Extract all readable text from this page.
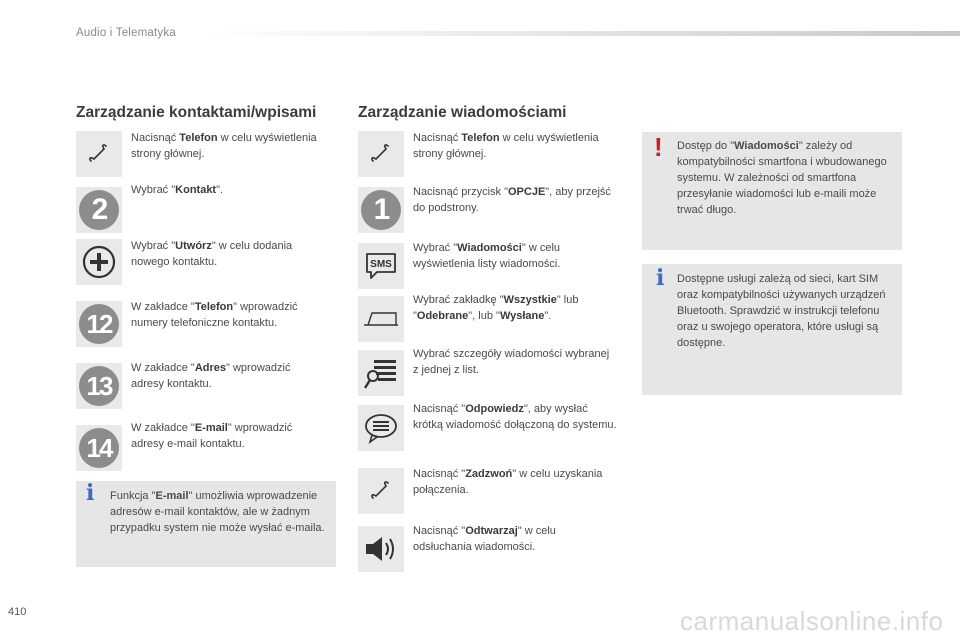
Audio i Telematyka
Zarządzanie kontaktami/wpisami
Nacisnąć Telefon w celu wyświetlenia strony głównej.
2
Wybrać "Kontakt".
Wybrać "Utwórz" w celu dodania nowego kontaktu.
12
W zakładce "Telefon" wprowadzić numery telefoniczne kontaktu.
13
W zakładce "Adres" wprowadzić adresy kontaktu.
14
W zakładce "E-mail" wprowadzić adresy e-mail kontaktu.
i Funkcja "E-mail" umożliwia wprowadzenie adresów e-mail kontaktów, ale w żadnym przypadku system nie może wysłać e-maila.
Zarządzanie wiadomościami
Nacisnąć Telefon w celu wyświetlenia strony głównej.
1
Nacisnąć przycisk "OPCJE", aby przejść do podstrony.
SMS
Wybrać "Wiadomości" w celu wyświetlenia listy wiadomości.
Wybrać zakładkę "Wszystkie" lub
"Odebrane", lub "Wysłane".
Wybrać szczegóły wiadomości wybranej z jednej z list.
Nacisnąć "Odpowiedz", aby wysłać krótką wiadomość dołączoną do systemu.
Nacisnąć "Zadzwoń" w celu uzyskania połączenia.
Nacisnąć "Odtwarzaj" w celu odsłuchania wiadomości.
! Dostęp do "Wiadomości" zależy od kompatybilności smartfona i wbudowanego systemu. W zależności od smartfona przesyłanie wiadomości lub e-maili może trwać długo.
i Dostępne usługi zależą od sieci, kart SIM oraz kompatybilności używanych urządzeń Bluetooth. Sprawdzić w instrukcji telefonu oraz u swojego operatora, które usługi są dostępne.
410	carmanualsonline.info
